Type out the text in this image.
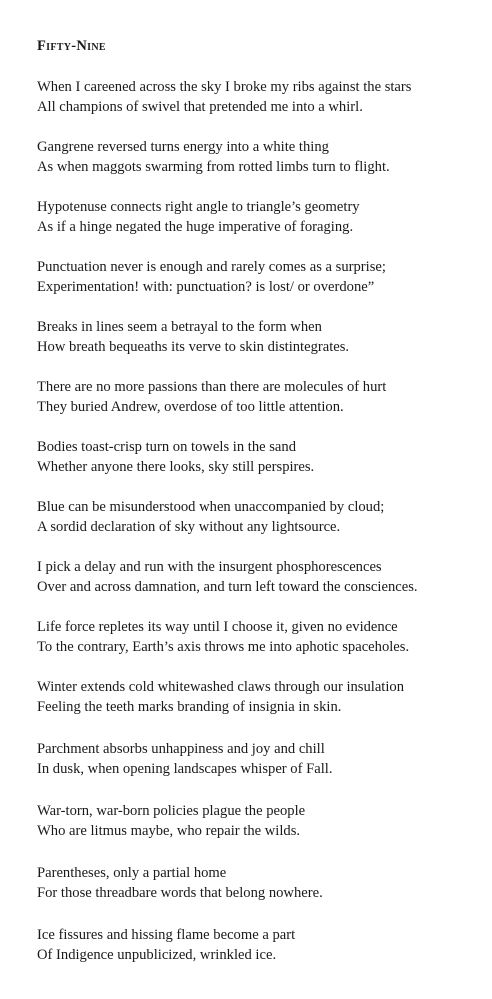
Fifty-Nine
When I careened across the sky I broke my ribs against the stars
All champions of swivel that pretended me into a whirl.
Gangrene reversed turns energy into a white thing
As when maggots swarming from rotted limbs turn to flight.
Hypotenuse connects right angle to triangle’s geometry
As if a hinge negated the huge imperative of foraging.
Punctuation never is enough and rarely comes as a surprise;
Experimentation! with: punctuation? is lost/ or overdone”
Breaks in lines seem a betrayal to the form when
How breath bequeaths its verve to skin distintegrates.
There are no more passions than there are molecules of hurt
They buried Andrew, overdose of too little attention.
Bodies toast-crisp turn on towels in the sand
Whether anyone there looks, sky still perspires.
Blue can be misunderstood when unaccompanied by cloud;
A sordid declaration of sky without any lightsource.
I pick a delay and run with the insurgent phosphorescences
Over and across damnation, and turn left toward the consciences.
Life force repletes its way until I choose it, given no evidence
To the contrary, Earth’s axis throws me into aphotic spaceholes.
Winter extends cold whitewashed claws through our insulation
Feeling the teeth marks branding of insignia in skin.
Parchment absorbs unhappiness and joy and chill
In dusk, when opening landscapes whisper of Fall.
War-torn, war-born policies plague the people
Who are litmus maybe, who repair the wilds.
Parentheses, only a partial home
For those threadbare words that belong nowhere.
Ice fissures and hissing flame become a part
Of Indigence unpublicized, wrinkled ice.
